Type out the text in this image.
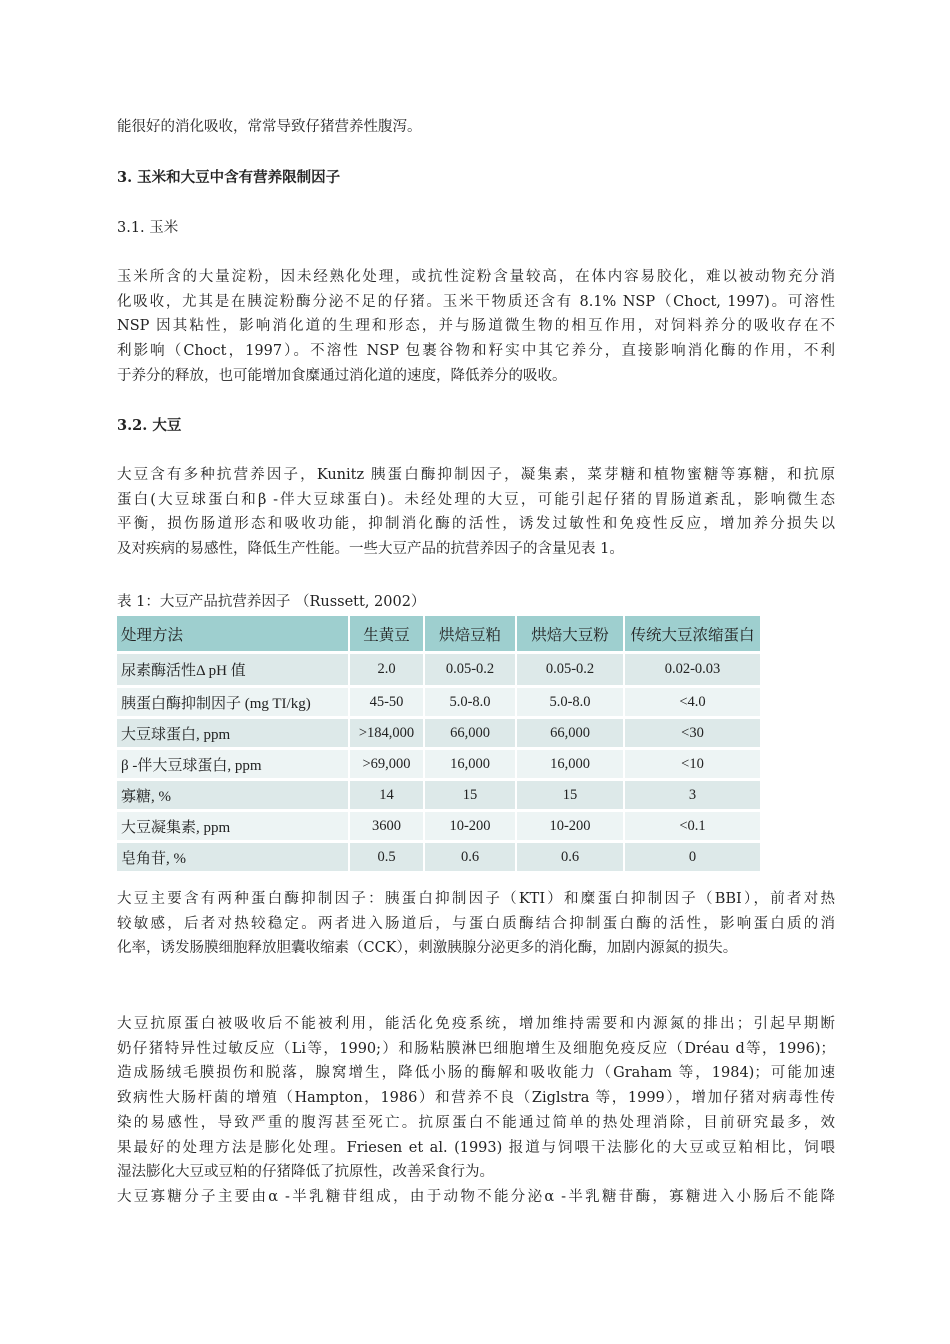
能很好的消化吸收，常常导致仔猪营养性腹泻。
3. 玉米和大豆中含有营养限制因子
3.1. 玉米
玉米所含的大量淀粉，因未经熟化处理，或抗性淀粉含量较高，在体内容易胶化，难以被动物充分消
化吸收，尤其是在胰淀粉酶分泌不足的仔猪。玉米干物质还含有 8.1% NSP（Choct, 1997)。可溶性
NSP 因其粘性，影响消化道的生理和形态，并与肠道微生物的相互作用，对饲料养分的吸收存在不
利影响（Choct，1997）。不溶性 NSP 包裹谷物和籽实中其它养分，直接影响消化酶的作用，不利
于养分的释放，也可能增加食糜通过消化道的速度，降低养分的吸收。
3.2. 大豆
大豆含有多种抗营养因子，Kunitz 胰蛋白酶抑制因子，凝集素，菜芽糖和植物蜜糖等寡糖，和抗原
蛋白(大豆球蛋白和β -伴大豆球蛋白)。未经处理的大豆，可能引起仔猪的胃肠道紊乱，影响微生态
平衡，损伤肠道形态和吸收功能，抑制消化酶的活性，诱发过敏性和免疫性反应，增加养分损失以
及对疾病的易感性，降低生产性能。一些大豆产品的抗营养因子的含量见表 1。
表 1：大豆产品抗营养因子 （Russett, 2002）
处理方法	生黄豆	烘焙豆粕	烘焙大豆粉	传统大豆浓缩蛋白
尿素酶活性Δ pH 值	2.0	0.05-0.2	0.05-0.2	0.02-0.03
胰蛋白酶抑制因子 (mg TI/kg)	45-50	5.0-8.0	5.0-8.0	<4.0
大豆球蛋白, ppm	>184,000	66,000	66,000	<30
β -伴大豆球蛋白, ppm	>69,000	16,000	16,000	<10
寡糖, %	14	15	15	3
大豆凝集素, ppm	3600	10-200	10-200	<0.1
皂角苷, %	0.5	0.6	0.6	0
大豆主要含有两种蛋白酶抑制因子：胰蛋白抑制因子（KTI）和糜蛋白抑制因子（BBI），前者对热
较敏感，后者对热较稳定。两者进入肠道后，与蛋白质酶结合抑制蛋白酶的活性，影响蛋白质的消
化率，诱发肠膜细胞释放胆囊收缩素（CCK），刺激胰腺分泌更多的消化酶，加剧内源氮的损失。
大豆抗原蛋白被吸收后不能被利用，能活化免疫系统，增加维持需要和内源氮的排出；引起早期断
奶仔猪特异性过敏反应（Li等，1990;）和肠粘膜淋巴细胞增生及细胞免疫反应（Dréau d等，1996)；
造成肠绒毛膜损伤和脱落，腺窝增生，降低小肠的酶解和吸收能力（Graham 等，1984)；可能加速
致病性大肠杆菌的增殖（Hampton，1986）和营养不良（Ziglstra 等，1999），增加仔猪对病毒性传
染的易感性，导致严重的腹泻甚至死亡。抗原蛋白不能通过简单的热处理消除，目前研究最多，效
果最好的处理方法是膨化处理。Friesen et al. (1993) 报道与饲喂干法膨化的大豆或豆粕相比，饲喂
湿法膨化大豆或豆粕的仔猪降低了抗原性，改善采食行为。
大豆寡糖分子主要由α -半乳糖苷组成，由于动物不能分泌α -半乳糖苷酶，寡糖进入小肠后不能降
